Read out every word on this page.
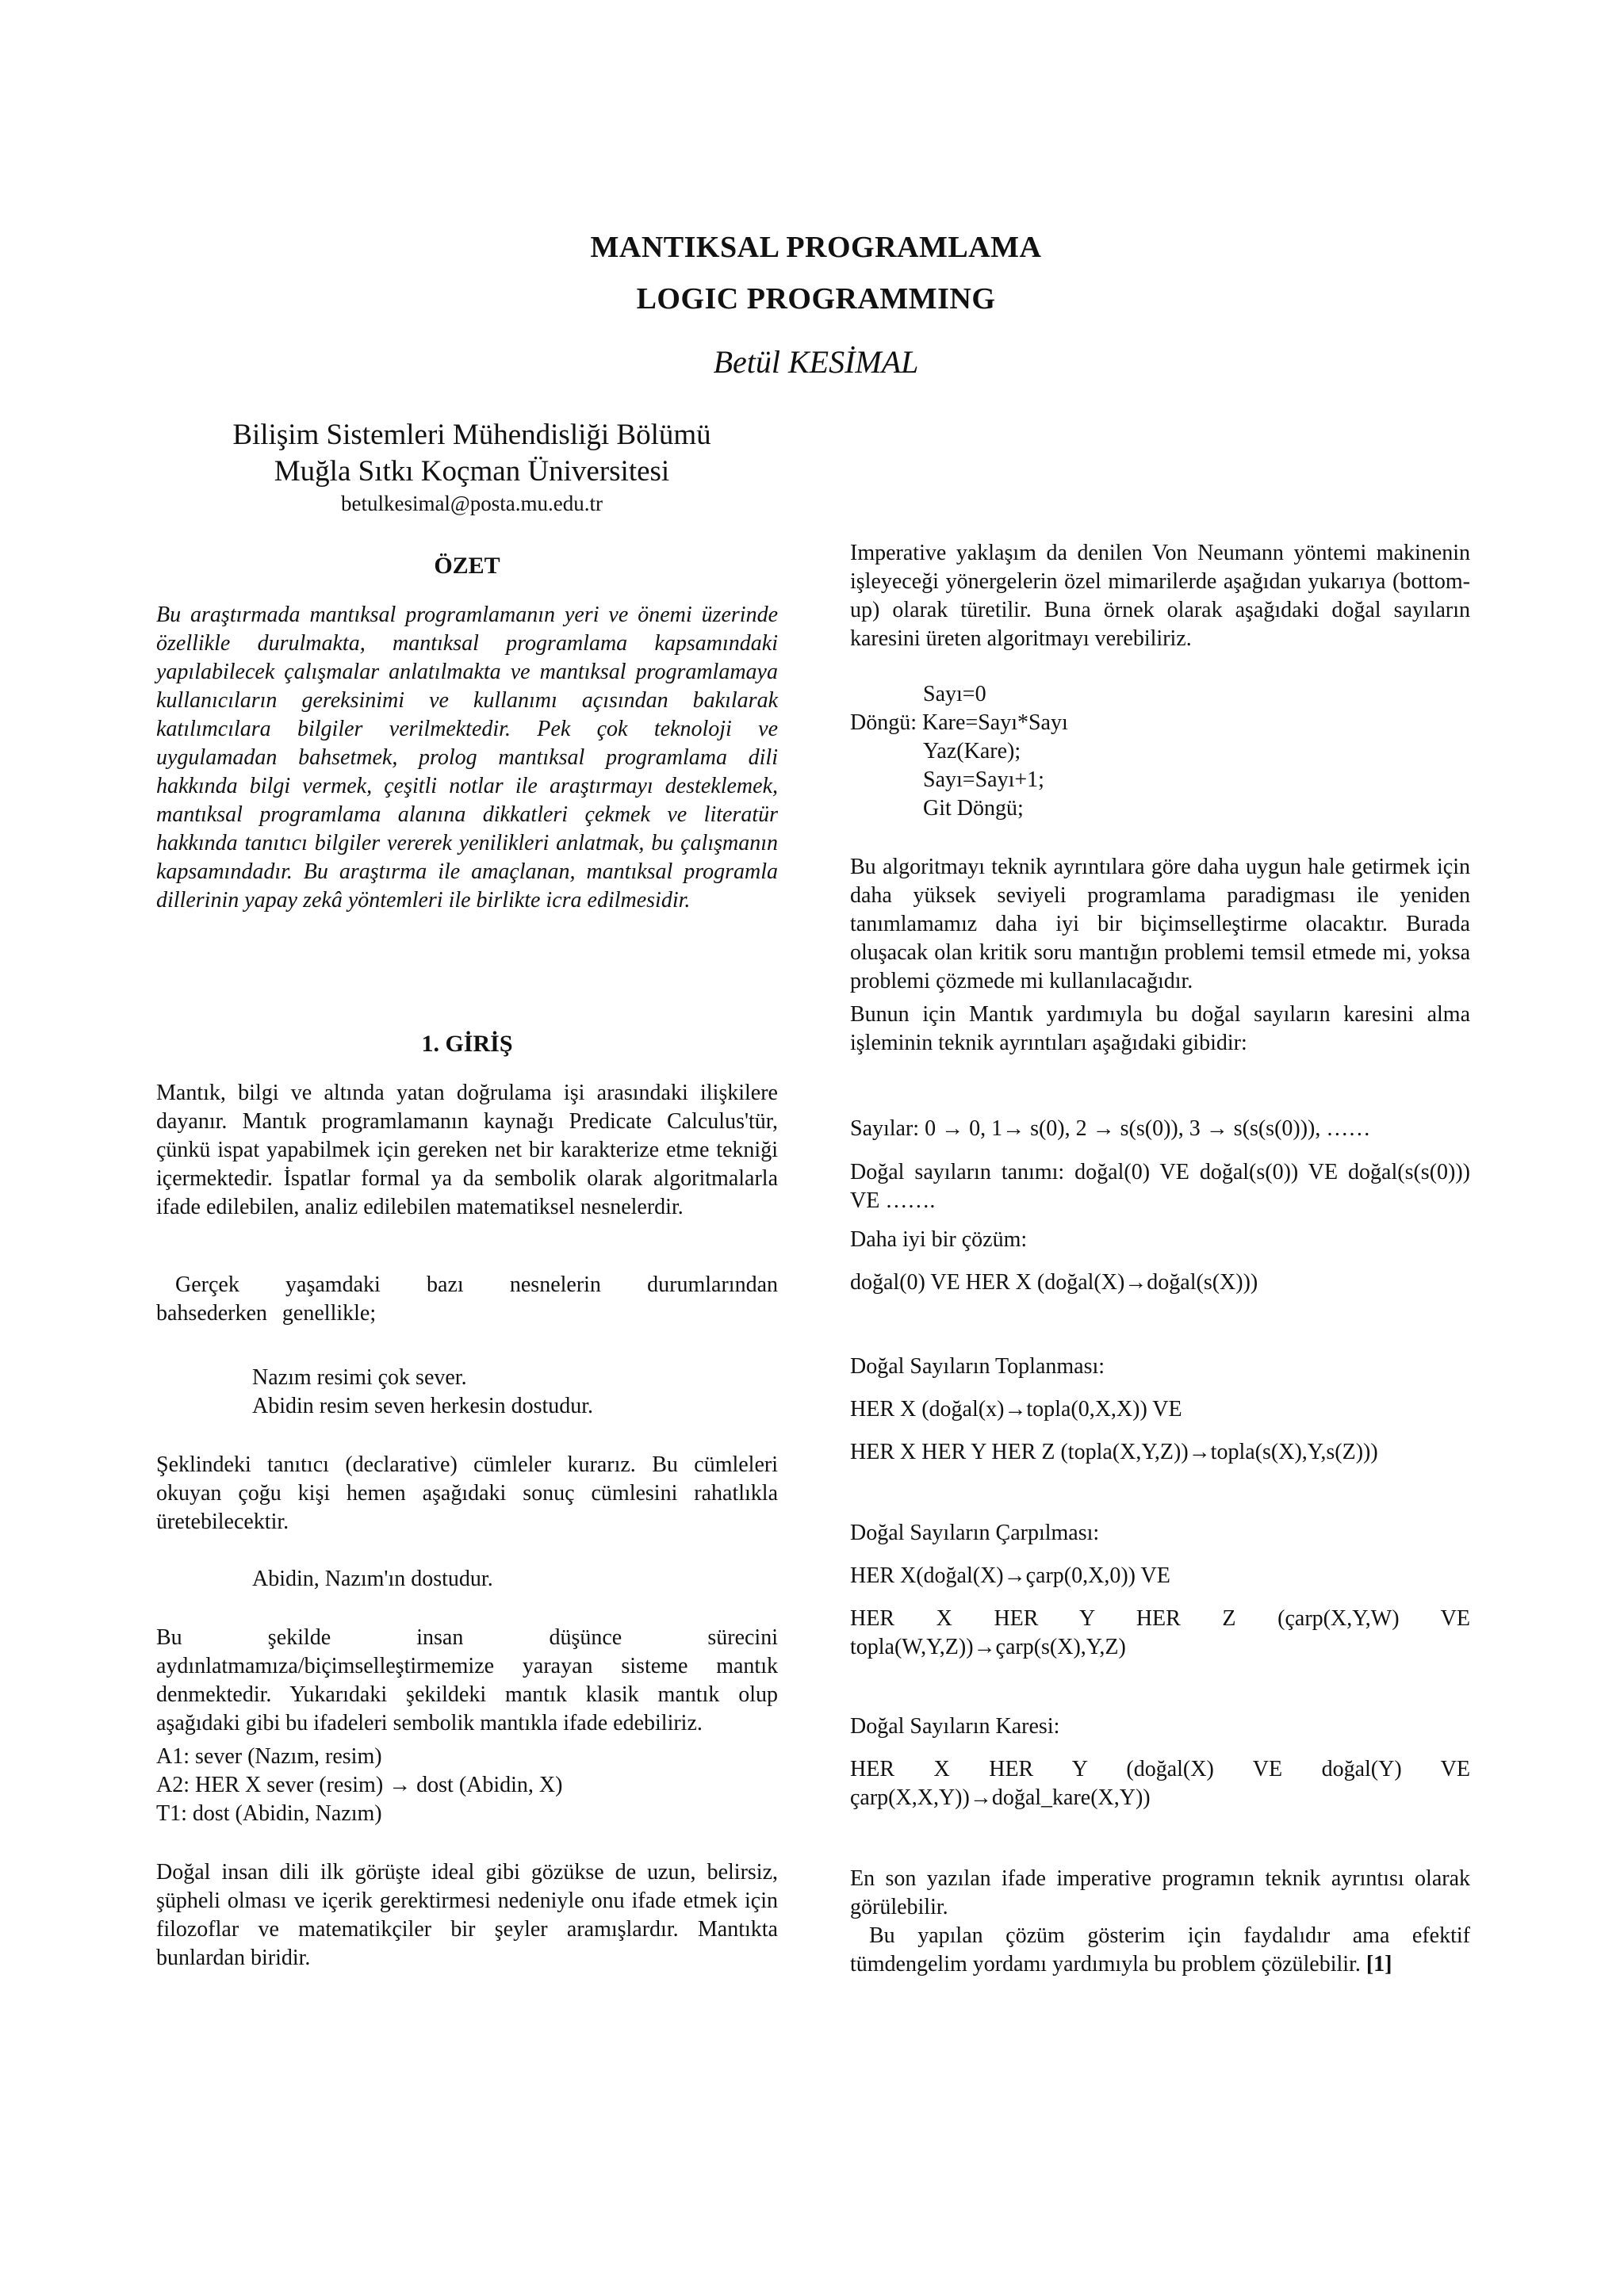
MANTIKSAL PROGRAMLAMA
LOGIC PROGRAMMING
Betül KESİMAL
Bilişim Sistemleri Mühendisliği Bölümü
Muğla Sıtkı Koçman Üniversitesi
betulkesimal@posta.mu.edu.tr
ÖZET

Bu araştırmada mantıksal programlamanın yeri ve önemi üzerinde özellikle durulmakta, mantıksal programlama kapsamındaki yapılabilecek çalışmalar anlatılmakta ve mantıksal programlamaya kullanıcıların gereksinimi ve kullanımı açısından bakılarak katılımcılara bilgiler verilmektedir. Pek çok teknoloji ve uygulamadan bahsetmek, prolog mantıksal programlama dili hakkında bilgi vermek, çeşitli notlar ile araştırmayı desteklemek, mantıksal programlama alanına dikkatleri çekmek ve literatür hakkında tanıtıcı bilgiler vererek yenilikleri anlatmak, bu çalışmanın kapsamındadır. Bu araştırma ile amaçlanan, mantıksal programla dillerinin yapay zekâ yöntemleri ile birlikte icra edilmesidir.

1. GİRİŞ

Mantık, bilgi ve altında yatan doğrulama işi arasındaki ilişkilere dayanır. Mantık programlamanın kaynağı Predicate Calculus'tür, çünkü ispat yapabilmek için gereken net bir karakterize etme tekniği içermektedir. İspatlar formal ya da sembolik olarak algoritmalarla ifade edilebilen, analiz edilebilen matematiksel nesnelerdir.

Gerçek yaşamdaki bazı nesnelerin durumlarından bahsederken genellikle;

Nazım resimi çok sever.
Abidin resim seven herkesin dostudur.

Şeklindeki tanıtıcı (declarative) cümleler kurarız. Bu cümleleri okuyan çoğu kişi hemen aşağıdaki sonuç cümlesini rahatlıkla üretebilecektir.

Abidin, Nazım'ın dostudur.

Bu şekilde insan düşünce sürecini aydınlatmamıza/biçimselleştirmemize yarayan sisteme mantık denmektedir. Yukarıdaki şekildeki mantık klasik mantık olup aşağıdaki gibi bu ifadeleri sembolik mantıkla ifade edebiliriz.

A1: sever (Nazım, resim)
A2: HER X sever (resim) → dost (Abidin, X)
T1: dost (Abidin, Nazım)

Doğal insan dili ilk görüşte ideal gibi gözükse de uzun, belirsiz, şüpheli olması ve içerik gerektirmesi nedeniyle onu ifade etmek için filozoflar ve matematikçiler bir şeyler aramışlardır. Mantıkta bunlardan biridir.

Imperative yaklaşım da denilen Von Neumann yöntemi makinenin işleyeceği yönergelerin özel mimarilerde aşağıdan yukarıya (bottom-up) olarak türetilir. Buna örnek olarak aşağıdaki doğal sayıların karesini üreten algoritmayı verebiliriz.

Sayı=0
Döngü: Kare=Sayı*Sayı
Yaz(Kare);
Sayı=Sayı+1;
Git Döngü;

Bu algoritmayı teknik ayrıntılara göre daha uygun hale getirmek için daha yüksek seviyeli programlama paradigması ile yeniden tanımlamamız daha iyi bir biçimselleştirme olacaktır. Burada oluşacak olan kritik soru mantığın problemi temsil etmede mi, yoksa problemi çözmede mi kullanılacağıdır.

Bunun için Mantık yardımıyla bu doğal sayıların karesini alma işleminin teknik ayrıntıları aşağıdaki gibidir:

Sayılar: 0 → 0, 1→ s(0), 2 → s(s(0)), 3 → s(s(s(0))), ……

Doğal sayıların tanımı: doğal(0) VE doğal(s(0)) VE doğal(s(s(0))) VE …….

Daha iyi bir çözüm:
doğal(0) VE HER X (doğal(X)→doğal(s(X)))
Doğal Sayıların Toplanması:
HER X (doğal(x)→topla(0,X,X)) VE
HER X HER Y HER Z (topla(X,Y,Z))→topla(s(X),Y,s(Z)))
Doğal Sayıların Çarpılması:
HER X(doğal(X)→çarp(0,X,0)) VE

HER X HER Y HER Z (çarp(X,Y,W) VE topla(W,Y,Z))→çarp(s(X),Y,Z)

Doğal Sayıların Karesi:

HER X HER Y (doğal(X) VE doğal(Y) VE çarp(X,X,Y))→doğal_kare(X,Y))

En son yazılan ifade imperative programın teknik ayrıntısı olarak görülebilir.

Bu yapılan çözüm gösterim için faydalıdır ama efektif tümdengelim yordamı yardımıyla bu problem çözülebilir. [1]
